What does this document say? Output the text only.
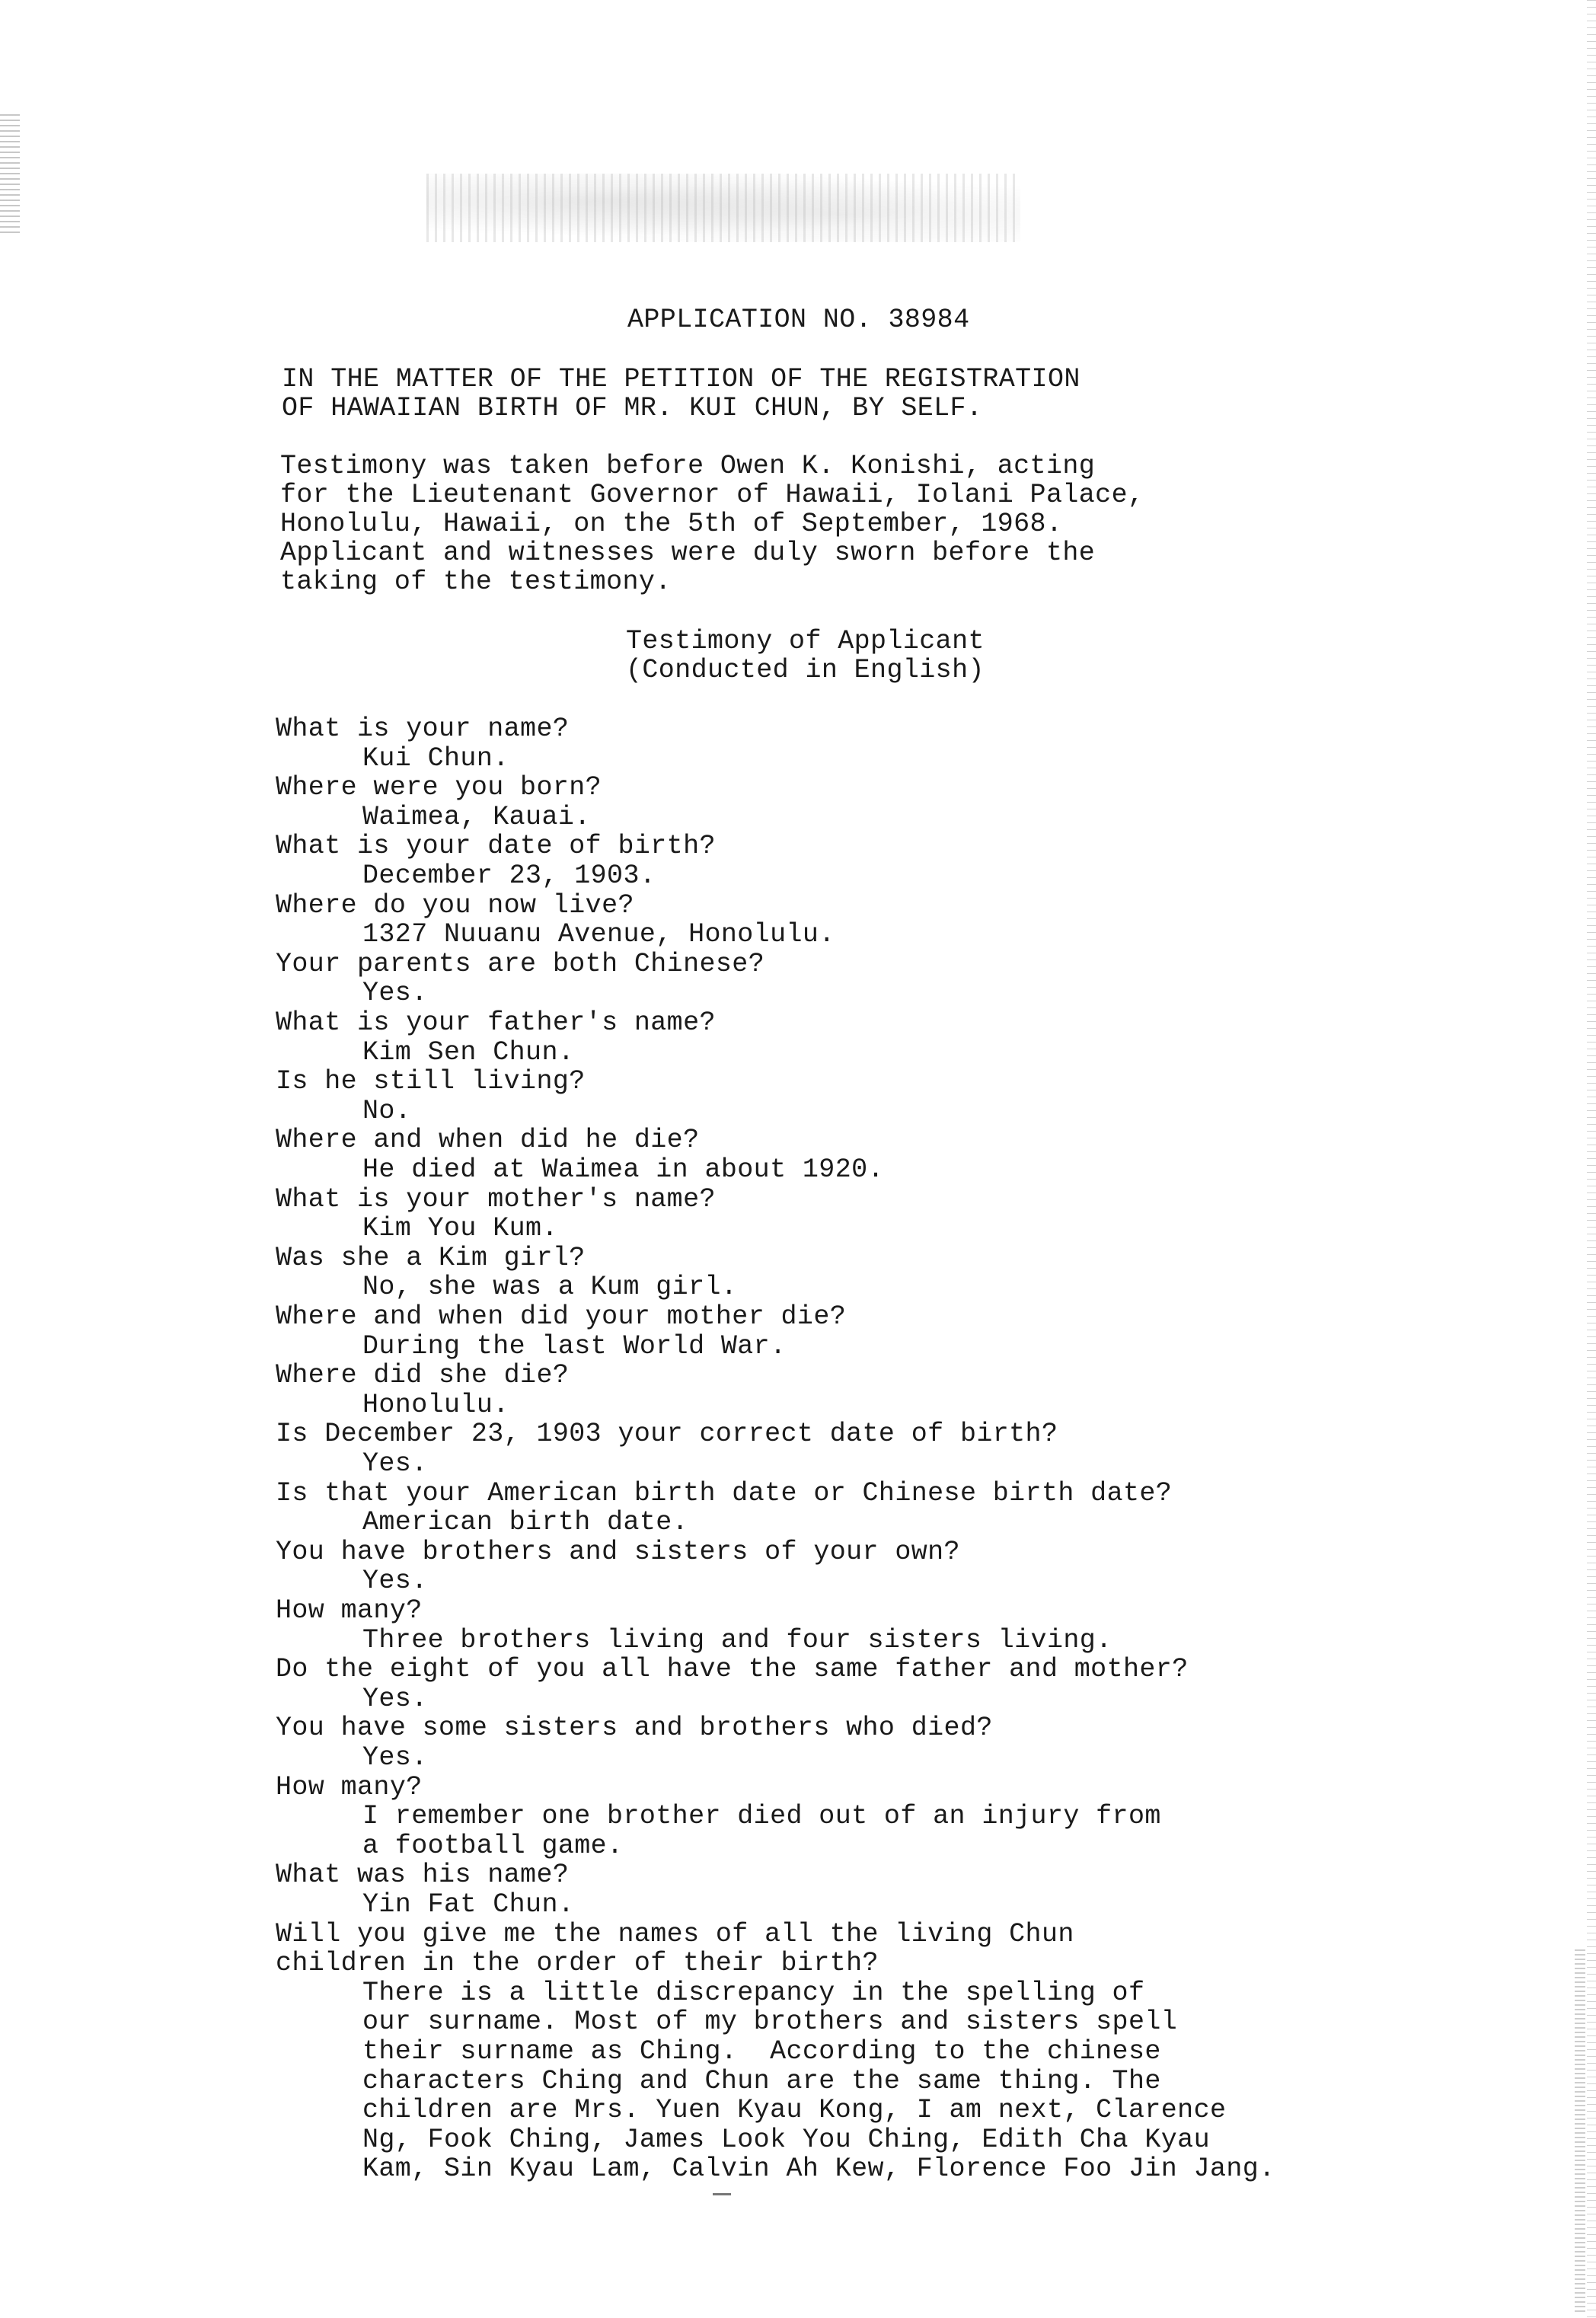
APPLICATION NO. 38984
IN THE MATTER OF THE PETITION OF THE REGISTRATION
OF HAWAIIAN BIRTH OF MR. KUI CHUN, BY SELF.
Testimony was taken before Owen K. Konishi, acting
for the Lieutenant Governor of Hawaii, Iolani Palace,
Honolulu, Hawaii, on the 5th of September, 1968.
Applicant and witnesses were duly sworn before the
taking of the testimony.
Testimony of Applicant
(Conducted in English)
What is your name?
Kui Chun.
Where were you born?
Waimea, Kauai.
What is your date of birth?
December 23, 1903.
Where do you now live?
1327 Nuuanu Avenue, Honolulu.
Your parents are both Chinese?
Yes.
What is your father's name?
Kim Sen Chun.
Is he still living?
No.
Where and when did he die?
He died at Waimea in about 1920.
What is your mother's name?
Kim You Kum.
Was she a Kim girl?
No, she was a Kum girl.
Where and when did your mother die?
During the last World War.
Where did she die?
Honolulu.
Is December 23, 1903 your correct date of birth?
Yes.
Is that your American birth date or Chinese birth date?
American birth date.
You have brothers and sisters of your own?
Yes.
How many?
Three brothers living and four sisters living.
Do the eight of you all have the same father and mother?
Yes.
You have some sisters and brothers who died?
Yes.
How many?
I remember one brother died out of an injury from
a football game.
What was his name?
Yin Fat Chun.
Will you give me the names of all the living Chun
children in the order of their birth?
There is a little discrepancy in the spelling of
our surname. Most of my brothers and sisters spell
their surname as Ching.  According to the chinese
characters Ching and Chun are the same thing. The
children are Mrs. Yuen Kyau Kong, I am next, Clarence
Ng, Fook Ching, James Look You Ching, Edith Cha Kyau
Kam, Sin Kyau Lam, Calvin Ah Kew, Florence Foo Jin Jang.
